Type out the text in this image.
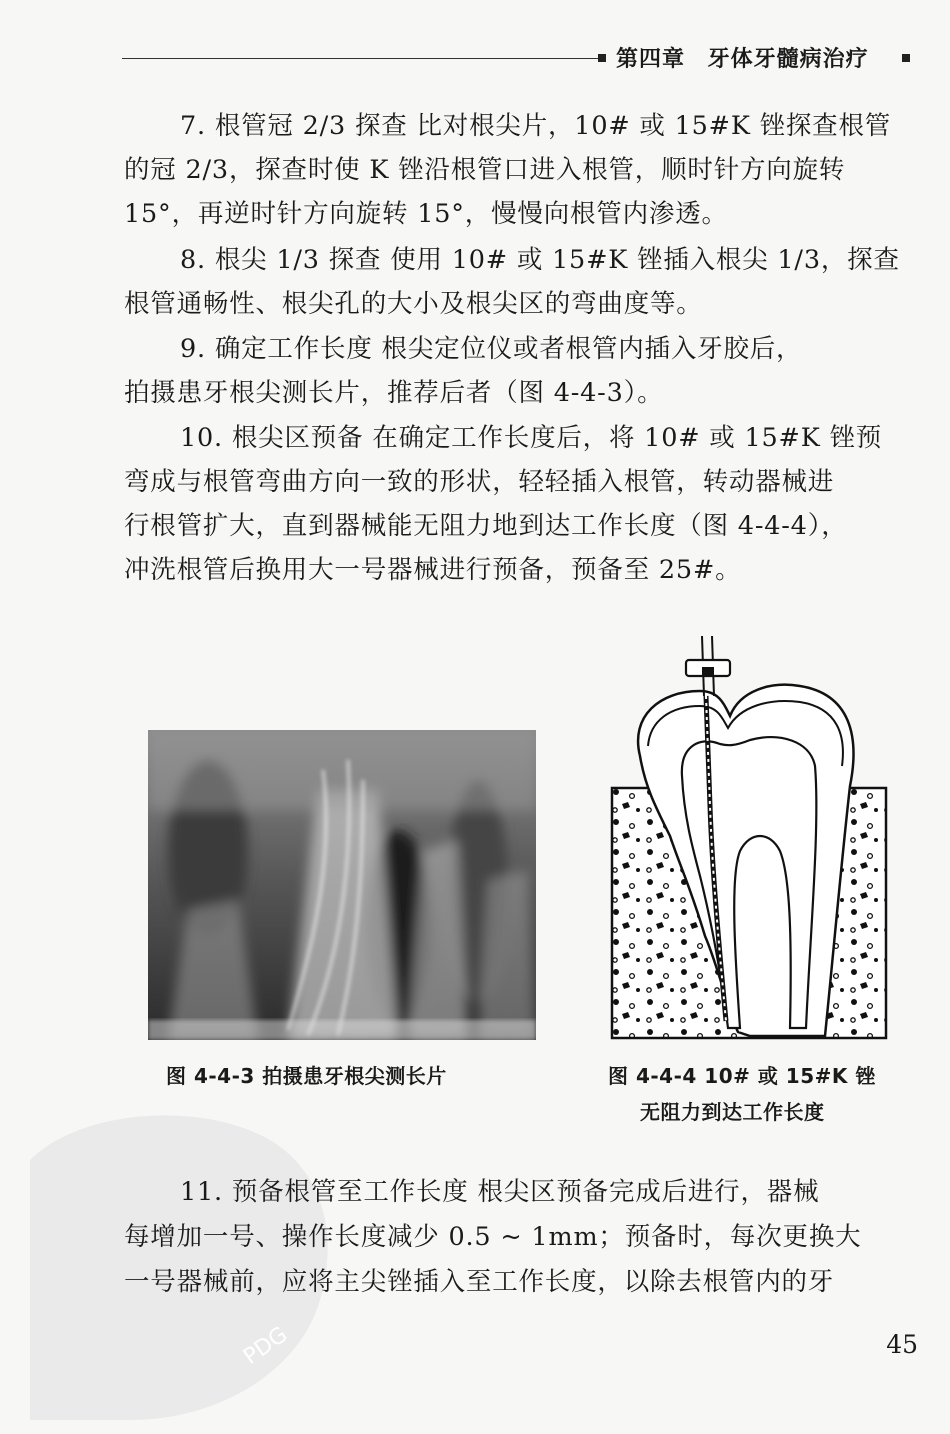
第四章 牙体牙髓病治疗
7. 根管冠 2/3 探查 比对根尖片，10# 或 15#K 锉探查根管
的冠 2/3，探查时使 K 锉沿根管口进入根管，顺时针方向旋转
15°，再逆时针方向旋转 15°，慢慢向根管内渗透。
8. 根尖 1/3 探查 使用 10# 或 15#K 锉插入根尖 1/3，探查
根管通畅性、根尖孔的大小及根尖区的弯曲度等。
9. 确定工作长度 根尖定位仪或者根管内插入牙胶后，
拍摄患牙根尖测长片，推荐后者（图 4-4-3）。
10. 根尖区预备 在确定工作长度后，将 10# 或 15#K 锉预
弯成与根管弯曲方向一致的形状，轻轻插入根管，转动器械进
行根管扩大，直到器械能无阻力地到达工作长度（图 4-4-4），
冲洗根管后换用大一号器械进行预备，预备至 25#。
图 4-4-3 拍摄患牙根尖测长片	图 4-4-4 10# 或 15#K 锉
无阻力到达工作长度
PDG
11. 预备根管至工作长度 根尖区预备完成后进行，器械
每增加一号、操作长度减少 0.5 ~ 1mm；预备时，每次更换大
一号器械前，应将主尖锉插入至工作长度，以除去根管内的牙
45
